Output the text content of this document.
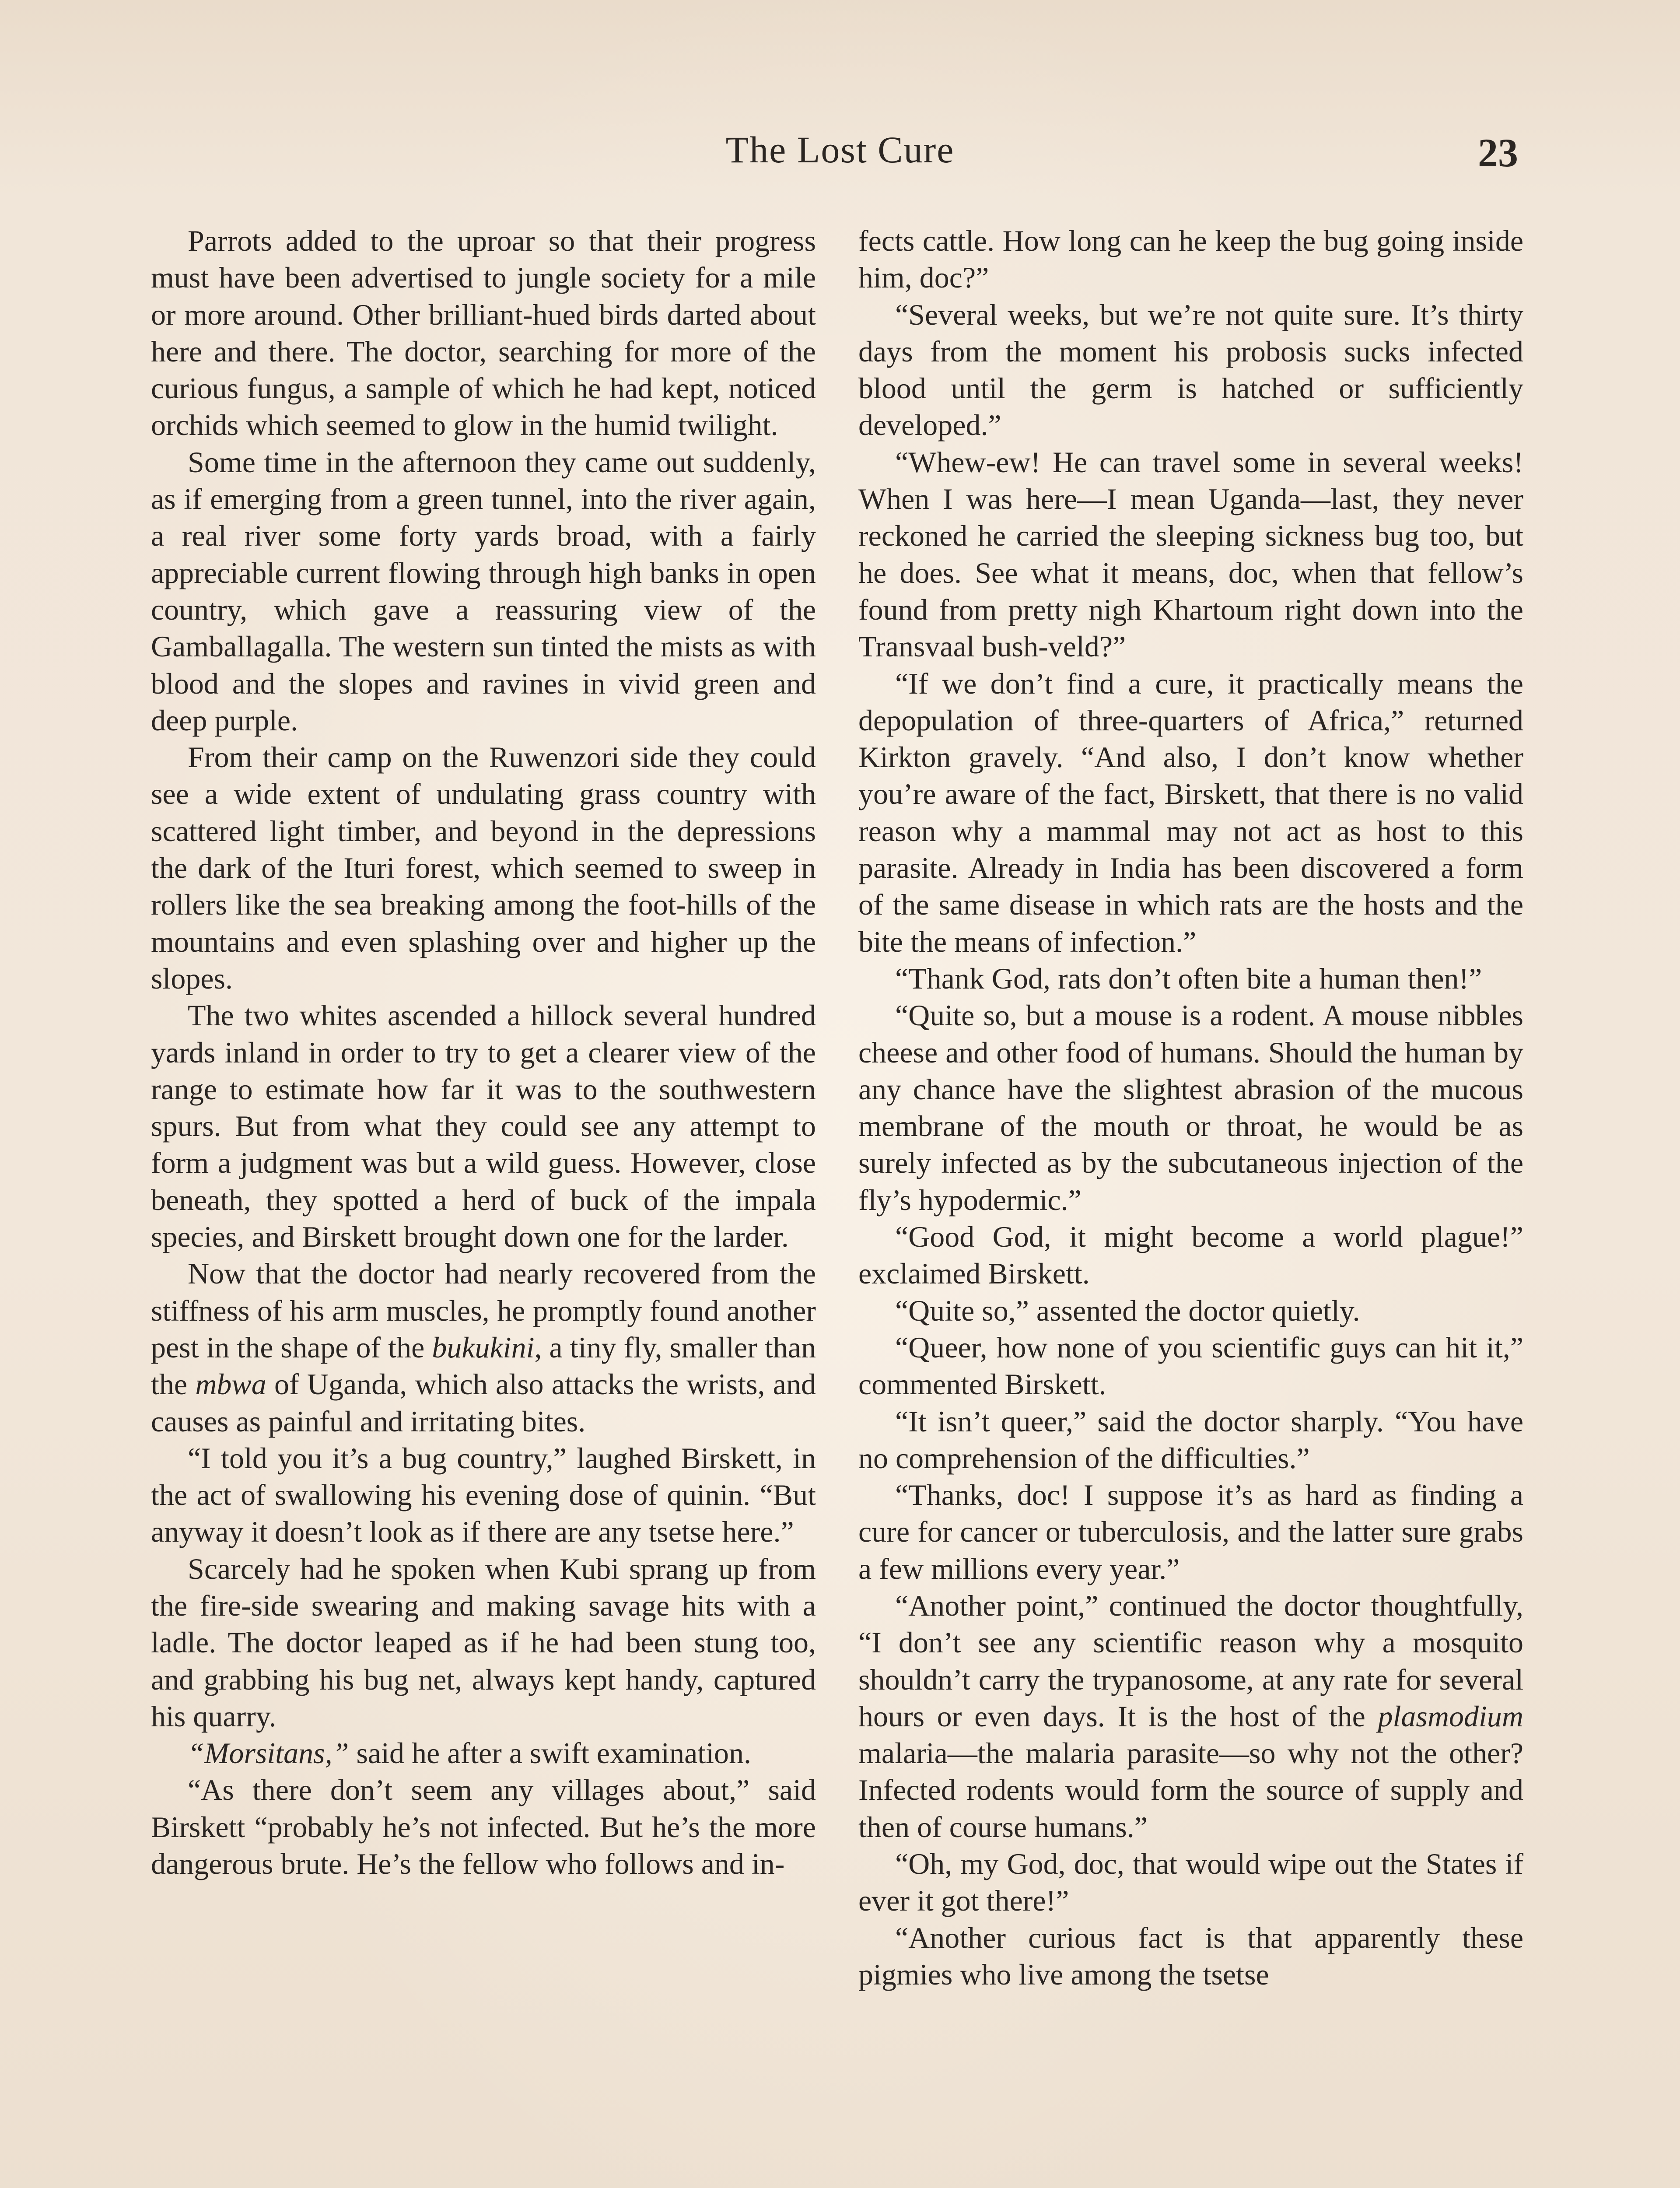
The Lost Cure	23

Parrots added to the uproar so that their progress must have been advertised to jungle society for a mile or more around. Other brilliant-hued birds darted about here and there. The doctor, searching for more of the curious fungus, a sample of which he had kept, noticed orchids which seemed to glow in the humid twilight.

Some time in the afternoon they came out suddenly, as if emerging from a green tunnel, into the river again, a real river some forty yards broad, with a fairly appreciable current flowing through high banks in open country, which gave a reassuring view of the Gamballagalla. The western sun tinted the mists as with blood and the slopes and ravines in vivid green and deep purple.

From their camp on the Ruwenzori side they could see a wide extent of undulating grass country with scattered light timber, and beyond in the depressions the dark of the Ituri forest, which seemed to sweep in rollers like the sea breaking among the foot-hills of the mountains and even splashing over and higher up the slopes.

The two whites ascended a hillock several hundred yards inland in order to try to get a clearer view of the range to estimate how far it was to the southwestern spurs. But from what they could see any attempt to form a judgment was but a wild guess. However, close beneath, they spotted a herd of buck of the impala species, and Birskett brought down one for the larder.

Now that the doctor had nearly recovered from the stiffness of his arm muscles, he promptly found another pest in the shape of the bukukini, a tiny fly, smaller than the mbwa of Uganda, which also attacks the wrists, and causes as painful and irritating bites.

“I told you it’s a bug country,” laughed Birskett, in the act of swallowing his evening dose of quinin. “But anyway it doesn’t look as if there are any tsetse here.”

Scarcely had he spoken when Kubi sprang up from the fire-side swearing and making savage hits with a ladle. The doctor leaped as if he had been stung too, and grabbing his bug net, always kept handy, captured his quarry.

“Morsitans,” said he after a swift examination.

“As there don’t seem any villages about,” said Birskett “probably he’s not infected. But he’s the more dangerous brute. He’s the fellow who follows and in-

fects cattle. How long can he keep the bug going inside him, doc?”

“Several weeks, but we’re not quite sure. It’s thirty days from the moment his probosis sucks infected blood until the germ is hatched or sufficiently developed.”

“Whew-ew! He can travel some in several weeks! When I was here—I mean Uganda—last, they never reckoned he carried the sleeping sickness bug too, but he does. See what it means, doc, when that fellow’s found from pretty nigh Khartoum right down into the Transvaal bush-veld?”

“If we don’t find a cure, it practically means the depopulation of three-quarters of Africa,” returned Kirkton gravely. “And also, I don’t know whether you’re aware of the fact, Birskett, that there is no valid reason why a mammal may not act as host to this parasite. Already in India has been discovered a form of the same disease in which rats are the hosts and the bite the means of infection.”

“Thank God, rats don’t often bite a human then!”

“Quite so, but a mouse is a rodent. A mouse nibbles cheese and other food of humans. Should the human by any chance have the slightest abrasion of the mucous membrane of the mouth or throat, he would be as surely infected as by the subcutaneous injection of the fly’s hypodermic.”

“Good God, it might become a world plague!” exclaimed Birskett.

“Quite so,” assented the doctor quietly.

“Queer, how none of you scientific guys can hit it,” commented Birskett.

“It isn’t queer,” said the doctor sharply. “You have no comprehension of the difficulties.”

“Thanks, doc! I suppose it’s as hard as finding a cure for cancer or tuberculosis, and the latter sure grabs a few millions every year.”

“Another point,” continued the doctor thoughtfully, “I don’t see any scientific reason why a mosquito shouldn’t carry the trypanosome, at any rate for several hours or even days. It is the host of the plasmodium malaria—the malaria parasite—so why not the other? Infected rodents would form the source of supply and then of course humans.”

“Oh, my God, doc, that would wipe out the States if ever it got there!”

“Another curious fact is that apparently these pigmies who live among the tsetse
